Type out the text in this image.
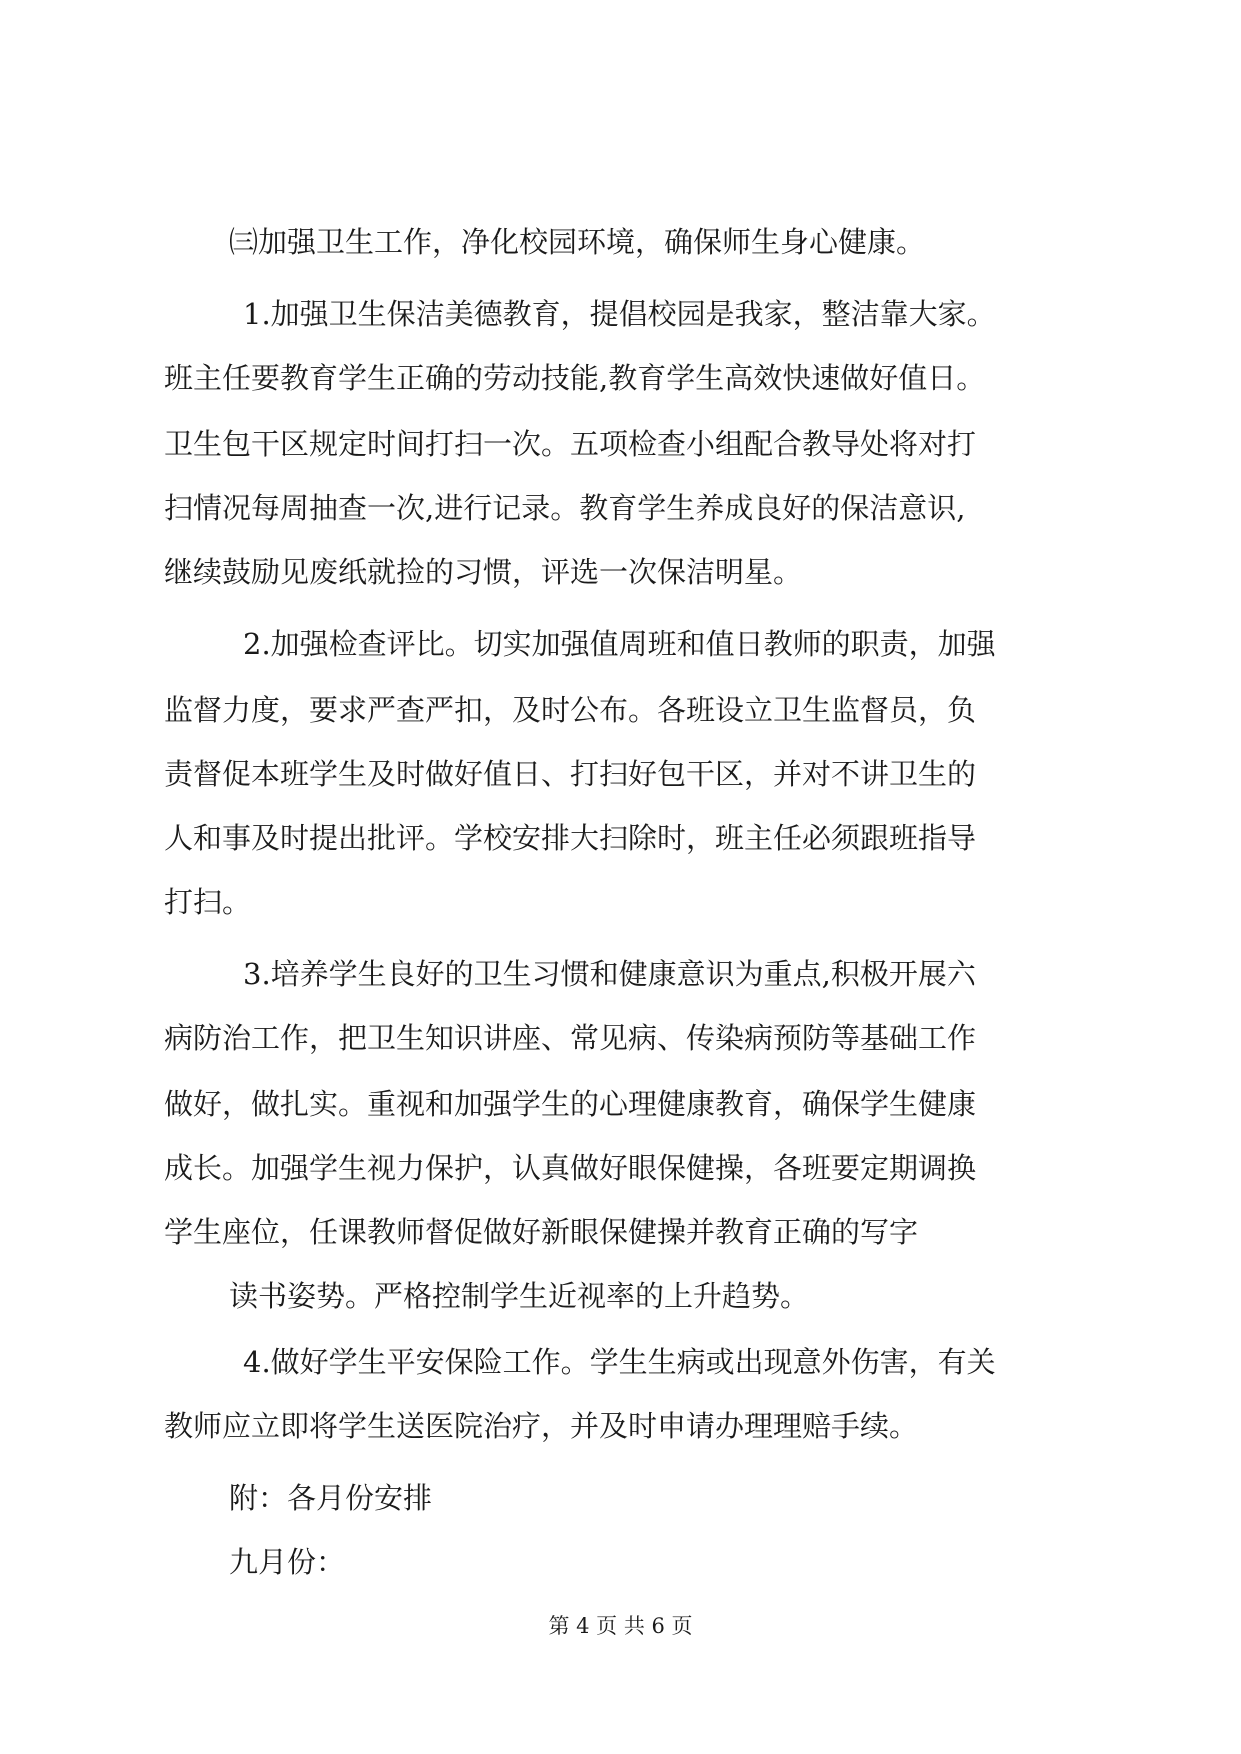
㈢加强卫生工作，净化校园环境，确保师生身心健康。

1.加强卫生保洁美德教育，提倡校园是我家，整洁靠大家。

班主任要教育学生正确的劳动技能,教育学生高效快速做好值日。

卫生包干区规定时间打扫一次。五项检查小组配合教导处将对打

扫情况每周抽查一次,进行记录。教育学生养成良好的保洁意识,

继续鼓励见废纸就捡的习惯，评选一次保洁明星。

2.加强检查评比。切实加强值周班和值日教师的职责，加强

监督力度，要求严查严扣，及时公布。各班设立卫生监督员，负

责督促本班学生及时做好值日、打扫好包干区，并对不讲卫生的

人和事及时提出批评。学校安排大扫除时，班主任必须跟班指导

打扫。

3.培养学生良好的卫生习惯和健康意识为重点,积极开展六

病防治工作，把卫生知识讲座、常见病、传染病预防等基础工作

做好，做扎实。重视和加强学生的心理健康教育，确保学生健康

成长。加强学生视力保护，认真做好眼保健操，各班要定期调换

学生座位，任课教师督促做好新眼保健操并教育正确的写字

读书姿势。严格控制学生近视率的上升趋势。

4.做好学生平安保险工作。学生生病或出现意外伤害，有关

教师应立即将学生送医院治疗，并及时申请办理理赔手续。

附：各月份安排

九月份：

第 4 页 共 6 页
